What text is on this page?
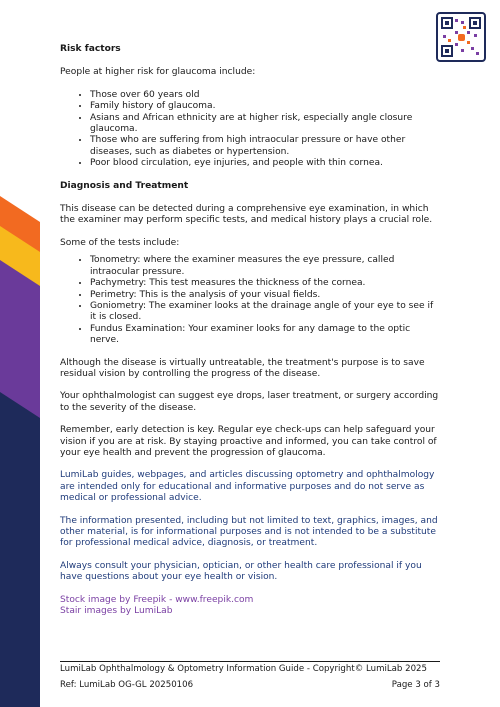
Risk factors

People at higher risk for glaucoma include:

• Those over 60 years old
• Family history of glaucoma.
• Asians and African ethnicity are at higher risk, especially angle closure glaucoma.
• Those who are suffering from high intraocular pressure or have other diseases, such as diabetes or hypertension.
• Poor blood circulation, eye injuries, and people with thin cornea.

Diagnosis and Treatment

This disease can be detected during a comprehensive eye examination, in which the examiner may perform specific tests, and medical history plays a crucial role.

Some of the tests include:

• Tonometry: where the examiner measures the eye pressure, called intraocular pressure.
• Pachymetry: This test measures the thickness of the cornea.
• Perimetry: This is the analysis of your visual fields.
• Goniometry: The examiner looks at the drainage angle of your eye to see if it is closed.
• Fundus Examination: Your examiner looks for any damage to the optic nerve.

Although the disease is virtually untreatable, the treatment's purpose is to save residual vision by controlling the progress of the disease.

Your ophthalmologist can suggest eye drops, laser treatment, or surgery according to the severity of the disease.

Remember, early detection is key. Regular eye check-ups can help safeguard your vision if you are at risk. By staying proactive and informed, you can take control of your eye health and prevent the progression of glaucoma.

LumiLab guides, webpages, and articles discussing optometry and ophthalmology are intended only for educational and informative purposes and do not serve as medical or professional advice.

The information presented, including but not limited to text, graphics, images, and other material, is for informational purposes and is not intended to be a substitute for professional medical advice, diagnosis, or treatment.

Always consult your physician, optician, or other health care professional if you have questions about your eye health or vision.

Stock image by Freepik - www.freepik.com
Stair images by LumiLab
LumiLab Ophthalmology & Optometry Information Guide - Copyright© LumiLab 2025
Ref: LumiLab OG-GL 20250106	Page 3 of 3
